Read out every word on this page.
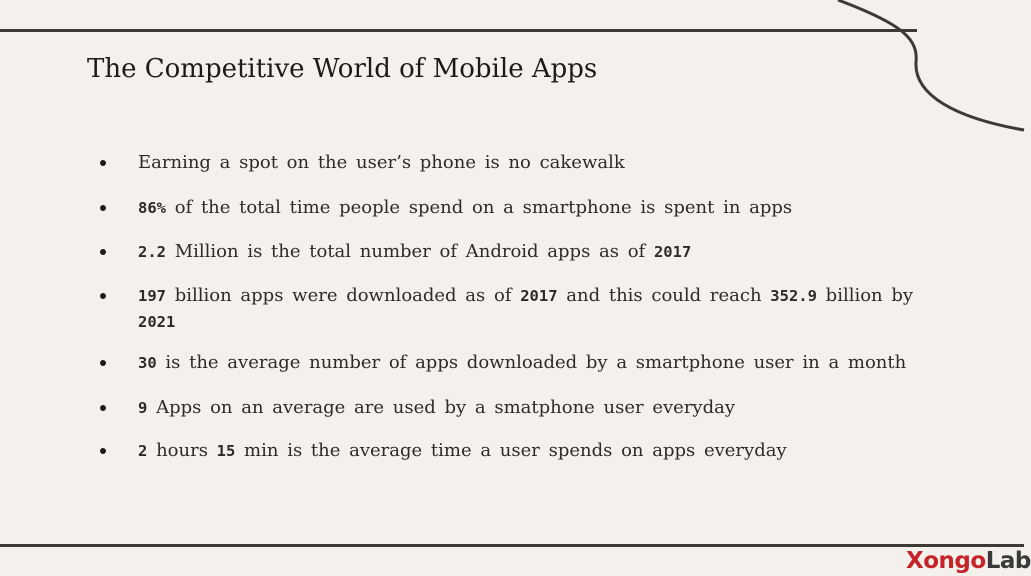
The Competitive World of Mobile Apps
Earning a spot on the user’s phone is no cakewalk
86% of the total time people spend on a smartphone is spent in apps
2.2 Million is the total number of Android apps as of 2017
197 billion apps were downloaded as of 2017 and this could reach 352.9 billion by 2021
30 is the average number of apps downloaded by a smartphone user in a month
9 Apps on an average are used by a smatphone user everyday
2 hours 15 min is the average time a user spends on apps everyday
XongoLab
